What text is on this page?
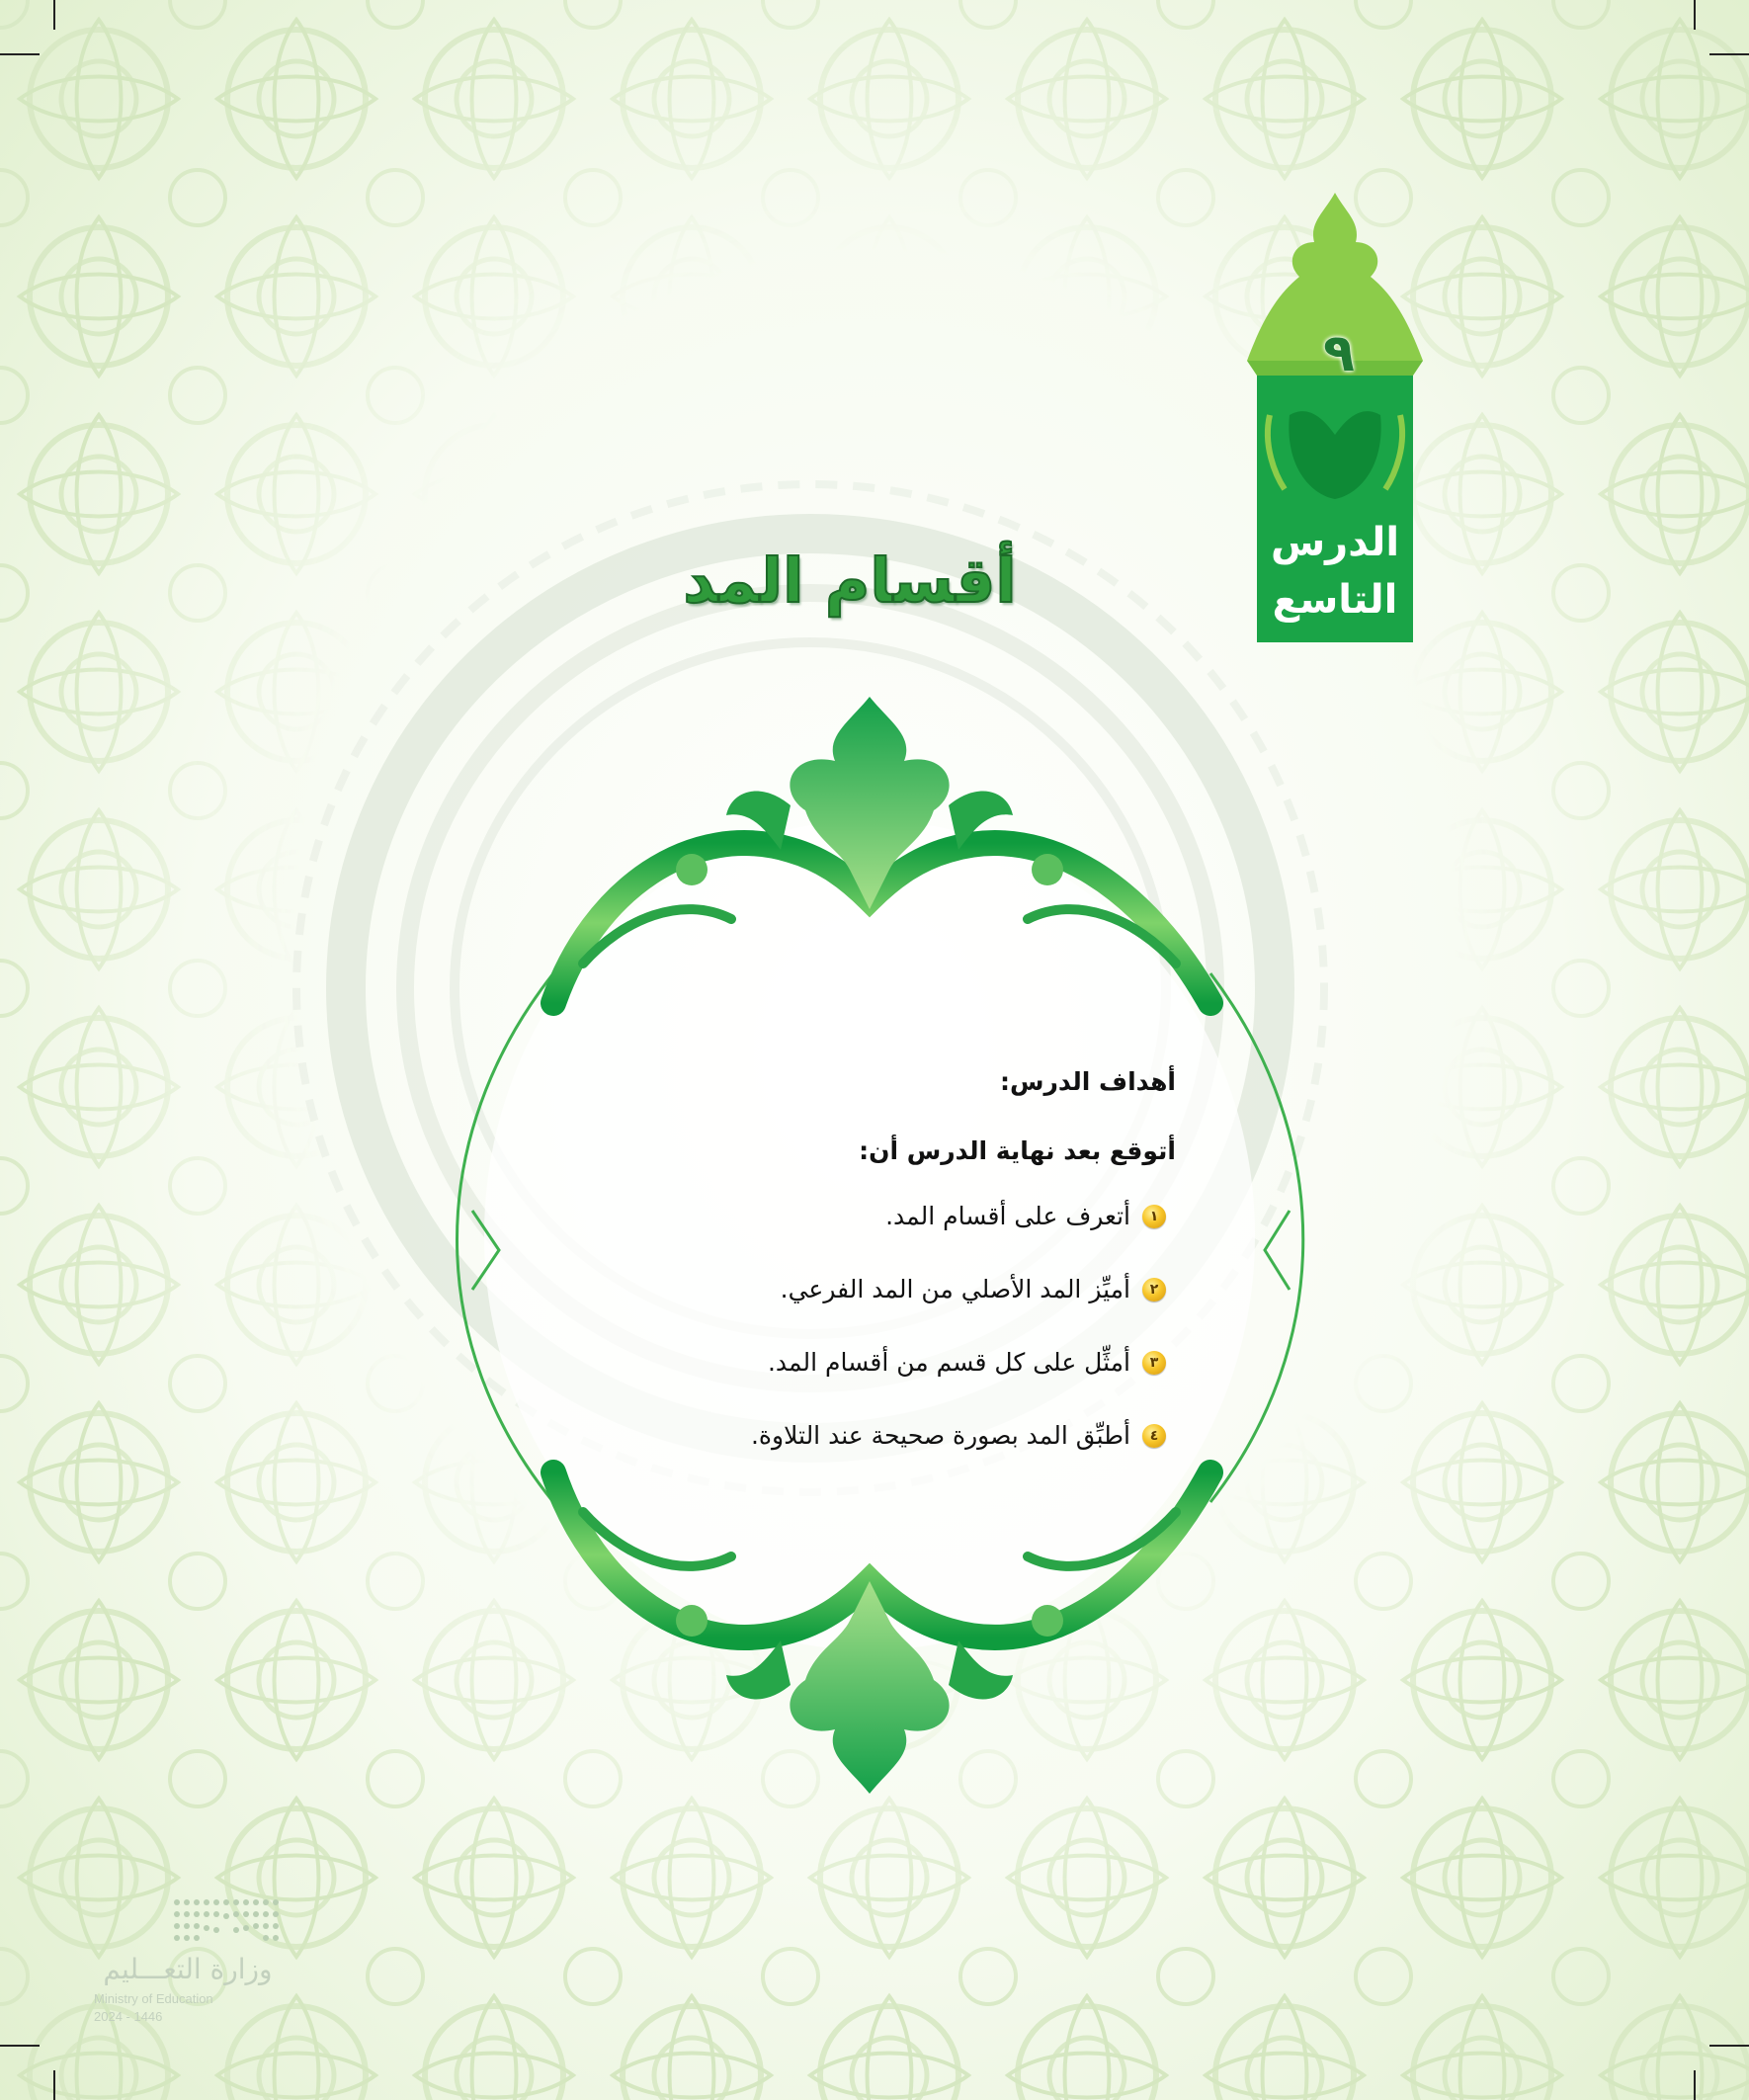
٩
الدرس
التاسع
أقسام المد
أهداف الدرس:
أتوقع بعد نهاية الدرس أن:
١
أتعرف على أقسام المد.
٢
أميِّز المد الأصلي من المد الفرعي.
٣
أمثِّل على كل قسم من أقسام المد.
٤
أطبِّق المد بصورة صحيحة عند التلاوة.
وزارة التعـــليم
Ministry of Education
2024 - 1446
